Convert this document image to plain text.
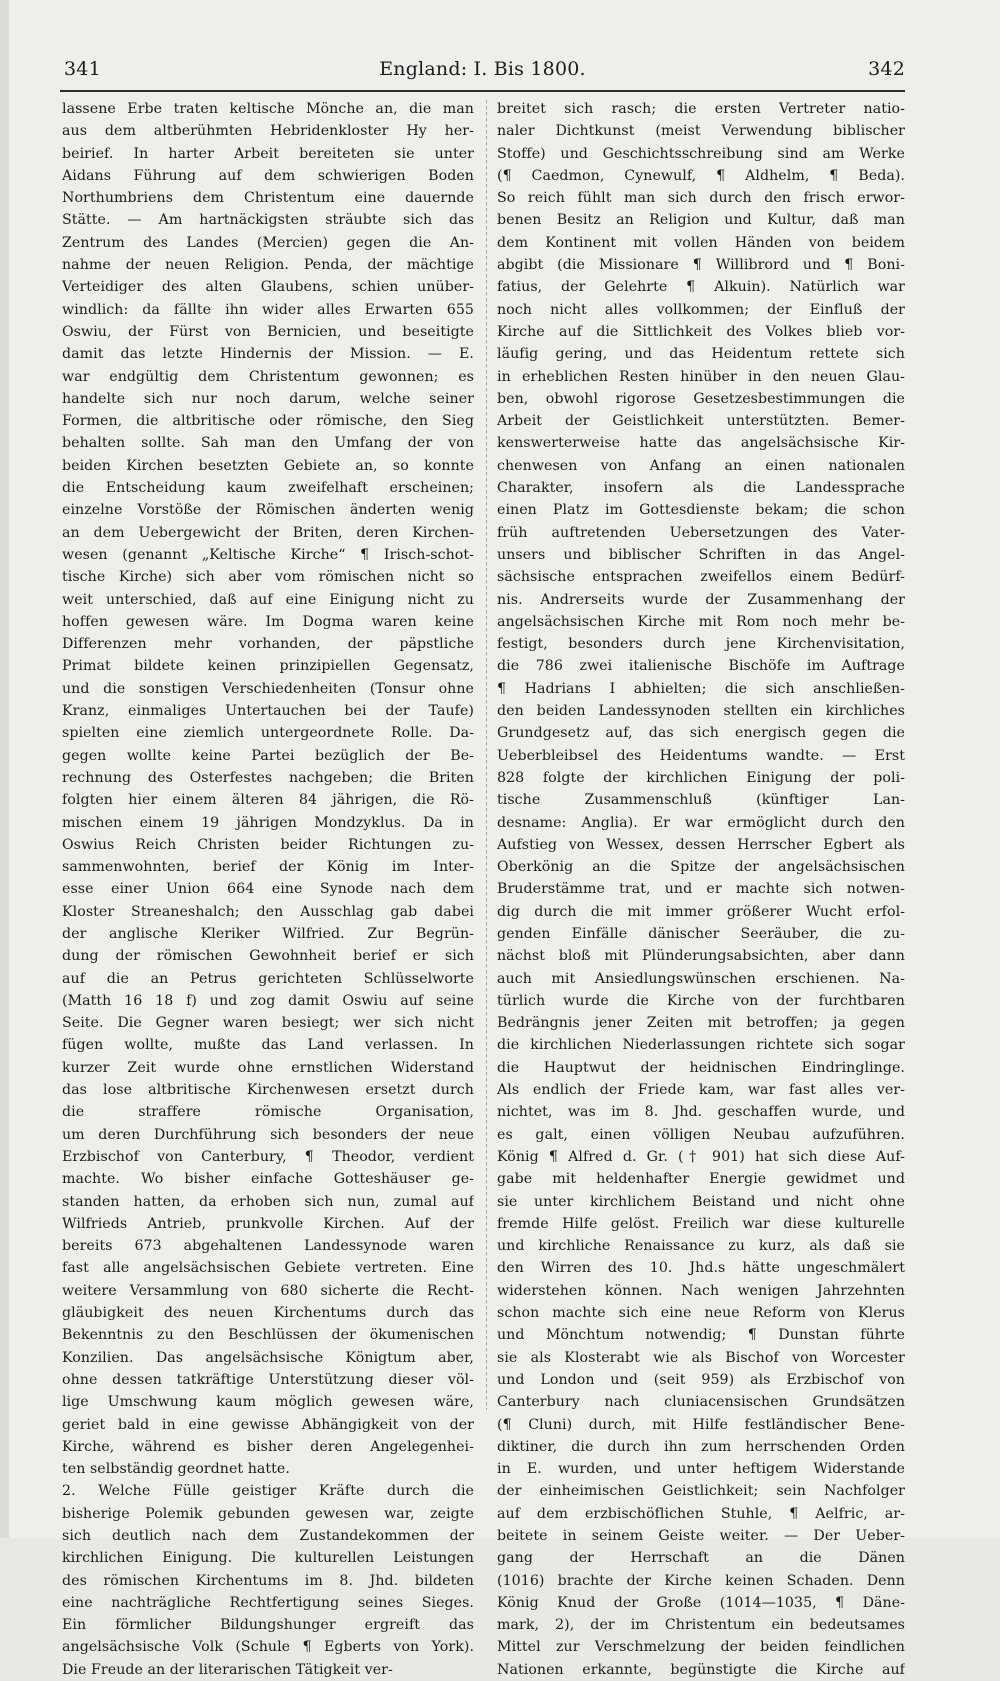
341	England: I. Bis 1800.	342
lassene Erbe traten keltische Mönche an, die man
aus dem altberühmten Hebridenkloster Hy her-
beirief. In harter Arbeit bereiteten sie unter
Aidans Führung auf dem schwierigen Boden
Northumbriens dem Christentum eine dauernde
Stätte. — Am hartnäckigsten sträubte sich das
Zentrum des Landes (Mercien) gegen die An-
nahme der neuen Religion. Penda, der mächtige
Verteidiger des alten Glaubens, schien unüber-
windlich: da fällte ihn wider alles Erwarten 655
Oswiu, der Fürst von Bernicien, und beseitigte
damit das letzte Hindernis der Mission. — E.
war endgültig dem Christentum gewonnen; es
handelte sich nur noch darum, welche seiner
Formen, die altbritische oder römische, den Sieg
behalten sollte. Sah man den Umfang der von
beiden Kirchen besetzten Gebiete an, so konnte
die Entscheidung kaum zweifelhaft erscheinen;
einzelne Vorstöße der Römischen änderten wenig
an dem Uebergewicht der Briten, deren Kirchen-
wesen (genannt „Keltische Kirche“ ¶ Irisch-schot-
tische Kirche) sich aber vom römischen nicht so
weit unterschied, daß auf eine Einigung nicht zu
hoffen gewesen wäre. Im Dogma waren keine
Differenzen mehr vorhanden, der päpstliche
Primat bildete keinen prinzipiellen Gegensatz,
und die sonstigen Verschiedenheiten (Tonsur ohne
Kranz, einmaliges Untertauchen bei der Taufe)
spielten eine ziemlich untergeordnete Rolle. Da-
gegen wollte keine Partei bezüglich der Be-
rechnung des Osterfestes nachgeben; die Briten
folgten hier einem älteren 84 jährigen, die Rö-
mischen einem 19 jährigen Mondzyklus. Da in
Oswius Reich Christen beider Richtungen zu-
sammenwohnten, berief der König im Inter-
esse einer Union 664 eine Synode nach dem
Kloster Streaneshalch; den Ausschlag gab dabei
der anglische Kleriker Wilfried. Zur Begrün-
dung der römischen Gewohnheit berief er sich
auf die an Petrus gerichteten Schlüsselworte
(Matth 16 18 f) und zog damit Oswiu auf seine
Seite. Die Gegner waren besiegt; wer sich nicht
fügen wollte, mußte das Land verlassen. In
kurzer Zeit wurde ohne ernstlichen Widerstand
das lose altbritische Kirchenwesen ersetzt durch
die straffere römische Organisation,
um deren Durchführung sich besonders der neue
Erzbischof von Canterbury, ¶ Theodor, verdient
machte. Wo bisher einfache Gotteshäuser ge-
standen hatten, da erhoben sich nun, zumal auf
Wilfrieds Antrieb, prunkvolle Kirchen. Auf der
bereits 673 abgehaltenen Landessynode waren
fast alle angelsächsischen Gebiete vertreten. Eine
weitere Versammlung von 680 sicherte die Recht-
gläubigkeit des neuen Kirchentums durch das
Bekenntnis zu den Beschlüssen der ökumenischen
Konzilien. Das angelsächsische Königtum aber,
ohne dessen tatkräftige Unterstützung dieser völ-
lige Umschwung kaum möglich gewesen wäre,
geriet bald in eine gewisse Abhängigkeit von der
Kirche, während es bisher deren Angelegenhei-
ten selbständig geordnet hatte.
2. Welche Fülle geistiger Kräfte durch die
bisherige Polemik gebunden gewesen war, zeigte
sich deutlich nach dem Zustandekommen der
kirchlichen Einigung. Die kulturellen Leistungen
des römischen Kirchentums im 8. Jhd. bildeten
eine nachträgliche Rechtfertigung seines Sieges.
Ein förmlicher Bildungshunger ergreift das
angelsächsische Volk (Schule ¶ Egberts von York).
Die Freude an der literarischen Tätigkeit ver-
breitet sich rasch; die ersten Vertreter natio-
naler Dichtkunst (meist Verwendung biblischer
Stoffe) und Geschichtsschreibung sind am Werke
(¶ Caedmon, Cynewulf, ¶ Aldhelm, ¶ Beda).
So reich fühlt man sich durch den frisch erwor-
benen Besitz an Religion und Kultur, daß man
dem Kontinent mit vollen Händen von beidem
abgibt (die Missionare ¶ Willibrord und ¶ Boni-
fatius, der Gelehrte ¶ Alkuin). Natürlich war
noch nicht alles vollkommen; der Einfluß der
Kirche auf die Sittlichkeit des Volkes blieb vor-
läufig gering, und das Heidentum rettete sich
in erheblichen Resten hinüber in den neuen Glau-
ben, obwohl rigorose Gesetzesbestimmungen die
Arbeit der Geistlichkeit unterstützten. Bemer-
kenswerterweise hatte das angelsächsische Kir-
chenwesen von Anfang an einen nationalen
Charakter, insofern als die Landessprache
einen Platz im Gottesdienste bekam; die schon
früh auftretenden Uebersetzungen des Vater-
unsers und biblischer Schriften in das Angel-
sächsische entsprachen zweifellos einem Bedürf-
nis. Andrerseits wurde der Zusammenhang der
angelsächsischen Kirche mit Rom noch mehr be-
festigt, besonders durch jene Kirchenvisitation,
die 786 zwei italienische Bischöfe im Auftrage
¶ Hadrians I abhielten; die sich anschließen-
den beiden Landessynoden stellten ein kirchliches
Grundgesetz auf, das sich energisch gegen die
Ueberbleibsel des Heidentums wandte. — Erst
828 folgte der kirchlichen Einigung der poli-
tische Zusammenschluß (künftiger Lan-
desname: Anglia). Er war ermöglicht durch den
Aufstieg von Wessex, dessen Herrscher Egbert als
Oberkönig an die Spitze der angelsächsischen
Bruderstämme trat, und er machte sich notwen-
dig durch die mit immer größerer Wucht erfol-
genden Einfälle dänischer Seeräuber, die zu-
nächst bloß mit Plünderungsabsichten, aber dann
auch mit Ansiedlungswünschen erschienen. Na-
türlich wurde die Kirche von der furchtbaren
Bedrängnis jener Zeiten mit betroffen; ja gegen
die kirchlichen Niederlassungen richtete sich sogar
die Hauptwut der heidnischen Eindringlinge.
Als endlich der Friede kam, war fast alles ver-
nichtet, was im 8. Jhd. geschaffen wurde, und
es galt, einen völligen Neubau aufzuführen.
König ¶ Alfred d. Gr. († 901) hat sich diese Auf-
gabe mit heldenhafter Energie gewidmet und
sie unter kirchlichem Beistand und nicht ohne
fremde Hilfe gelöst. Freilich war diese kulturelle
und kirchliche Renaissance zu kurz, als daß sie
den Wirren des 10. Jhd.s hätte ungeschmälert
widerstehen können. Nach wenigen Jahrzehnten
schon machte sich eine neue Reform von Klerus
und Mönchtum notwendig; ¶ Dunstan führte
sie als Klosterabt wie als Bischof von Worcester
und London und (seit 959) als Erzbischof von
Canterbury nach cluniacensischen Grundsätzen
(¶ Cluni) durch, mit Hilfe festländischer Bene-
diktiner, die durch ihn zum herrschenden Orden
in E. wurden, und unter heftigem Widerstande
der einheimischen Geistlichkeit; sein Nachfolger
auf dem erzbischöflichen Stuhle, ¶ Aelfric, ar-
beitete in seinem Geiste weiter. — Der Ueber-
gang der Herrschaft an die Dänen
(1016) brachte der Kirche keinen Schaden. Denn
König Knud der Große (1014—1035, ¶ Däne-
mark, 2), der im Christentum ein bedeutsames
Mittel zur Verschmelzung der beiden feindlichen
Nationen erkannte, begünstigte die Kirche auf
